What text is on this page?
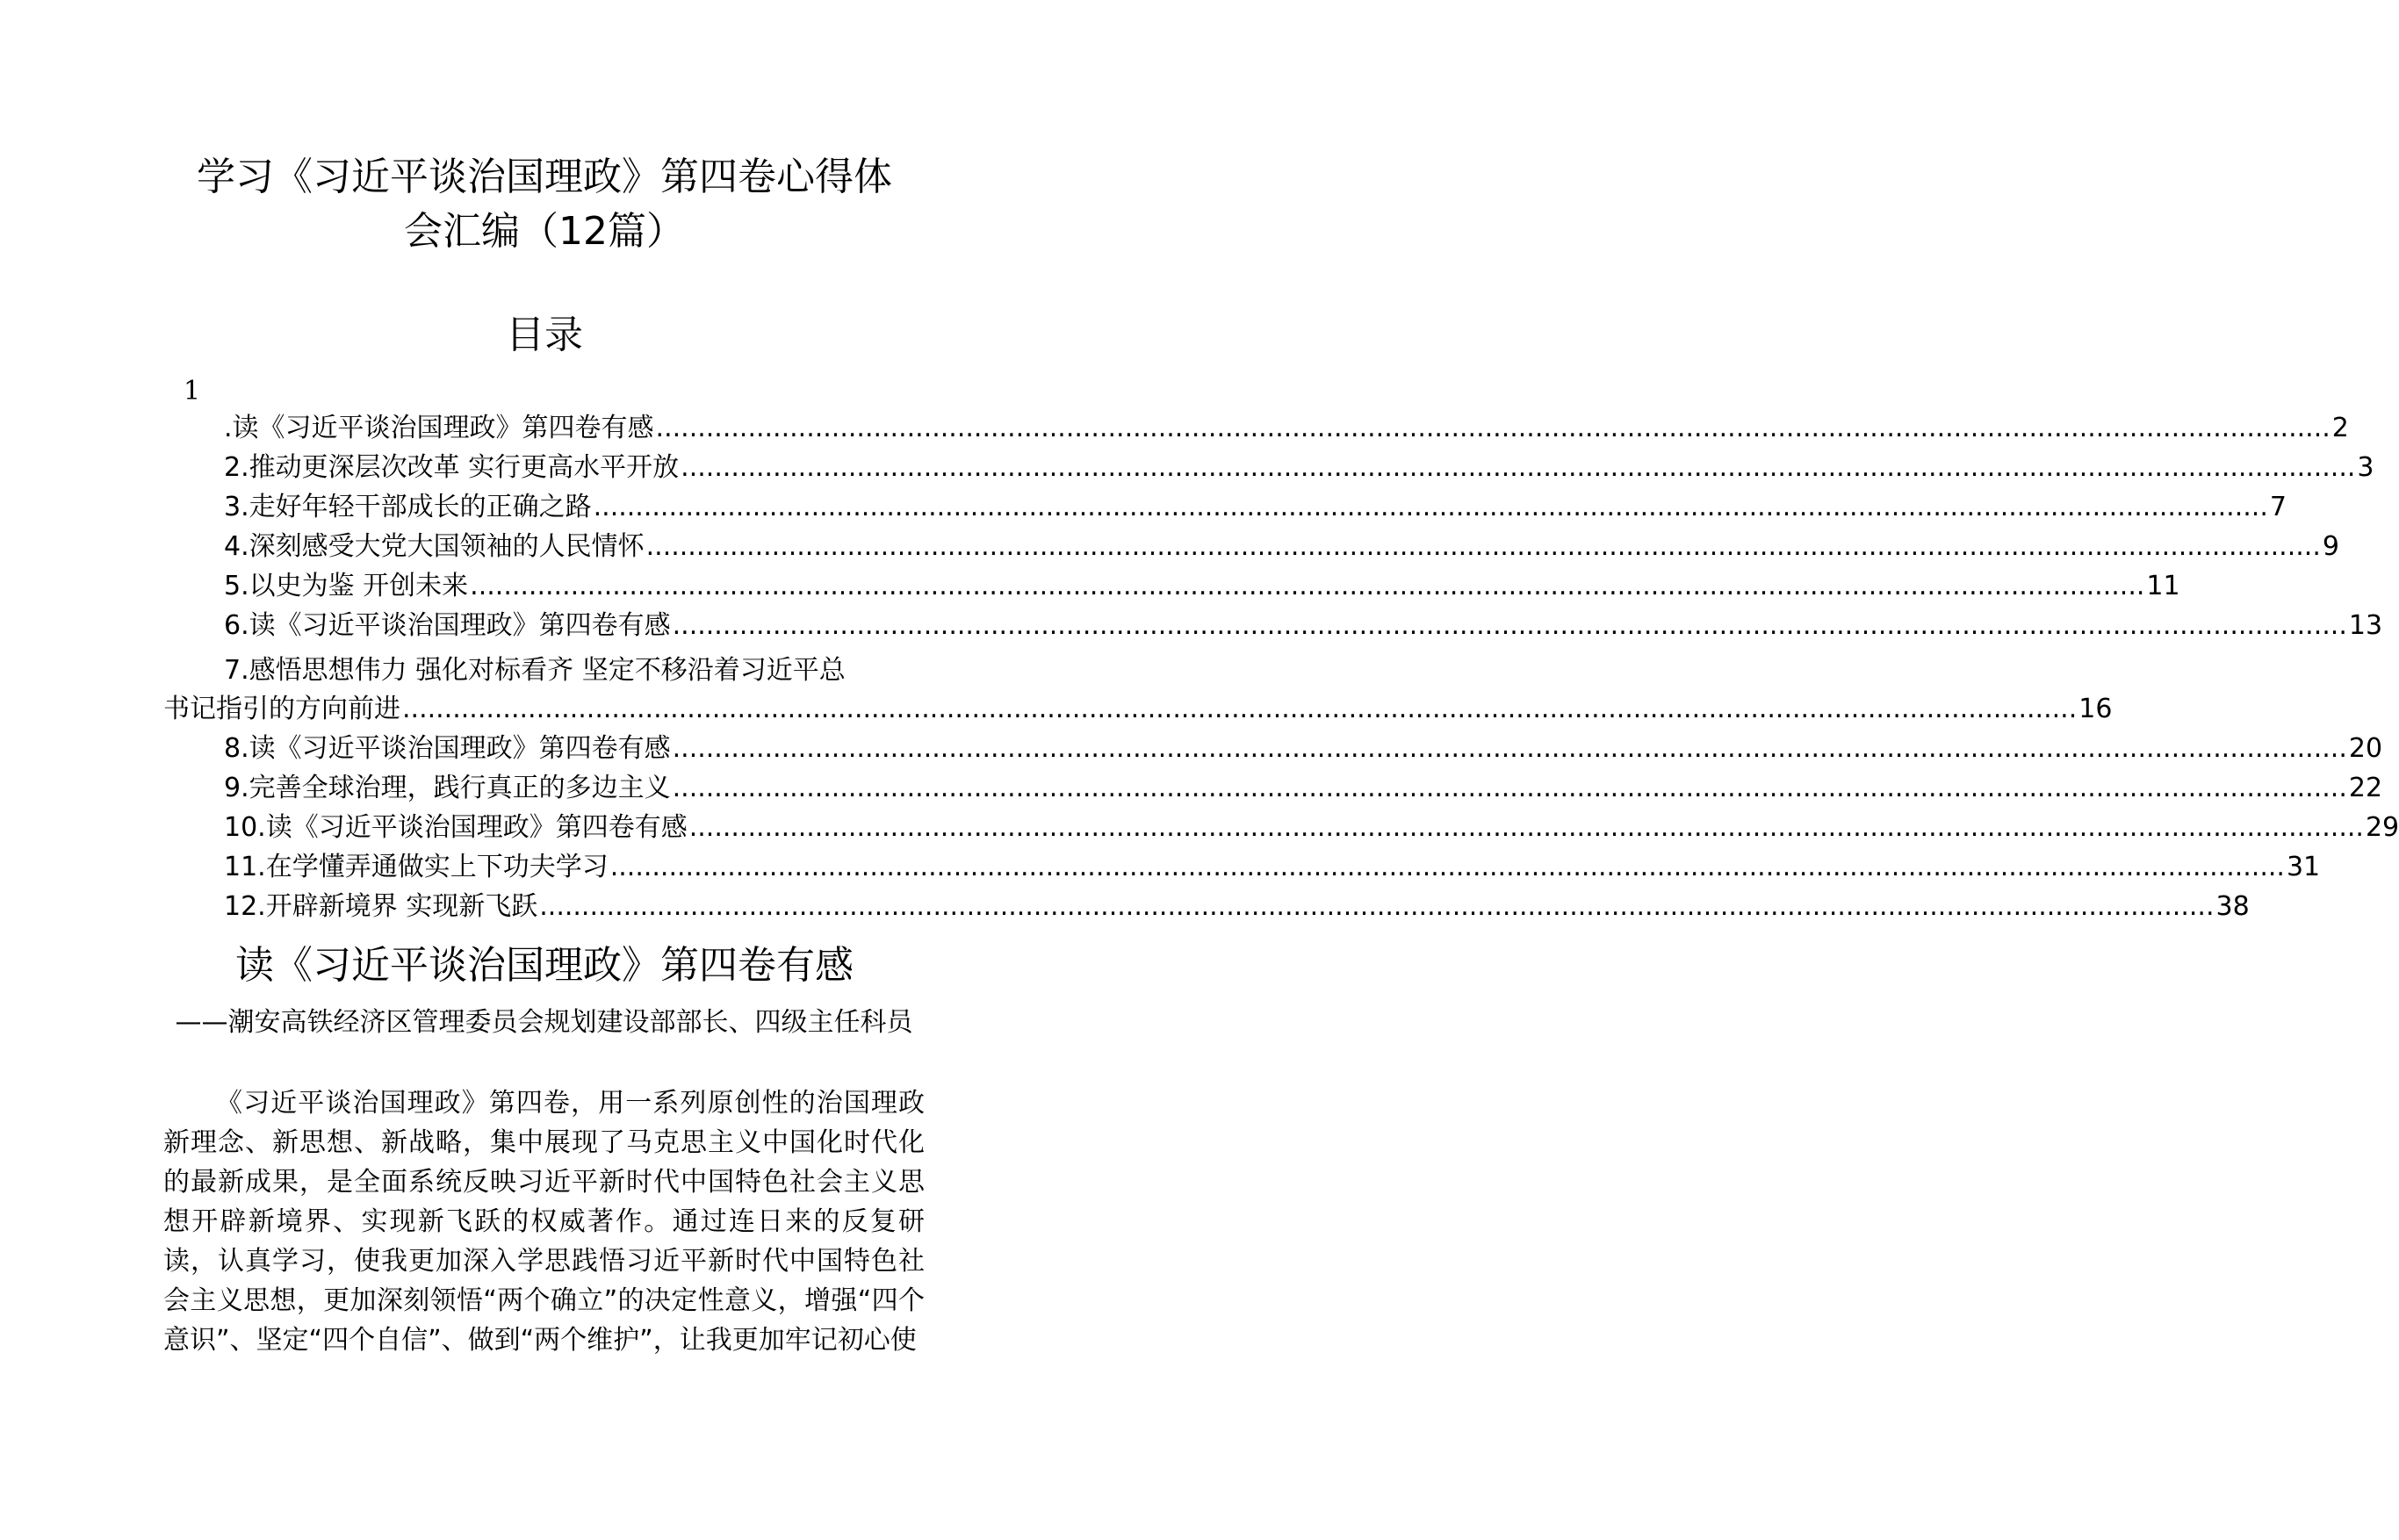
学习《习近平谈治国理政》第四卷心得体
会汇编（12篇）
目录
1
.读《习近平谈治国理政》第四卷有感 ........................................................................................................................................................................................................ 2
2.推动更深层次改革 实行更高水平开放 ........................................................................................................................................................................................................ 3
3.走好年轻干部成长的正确之路 ........................................................................................................................................................................................................ 7
4.深刻感受大党大国领袖的人民情怀 ........................................................................................................................................................................................................ 9
5.以史为鉴 开创未来 ........................................................................................................................................................................................................ 11
6.读《习近平谈治国理政》第四卷有感 ........................................................................................................................................................................................................ 13
7.感悟思想伟力 强化对标看齐 坚定不移沿着习近平总
书记指引的方向前进 ........................................................................................................................................................................................................ 16
8.读《习近平谈治国理政》第四卷有感 ........................................................................................................................................................................................................ 20
9.完善全球治理，践行真正的多边主义 ........................................................................................................................................................................................................ 22
10.读《习近平谈治国理政》第四卷有感 ........................................................................................................................................................................................................ 29
11.在学懂弄通做实上下功夫学习 ........................................................................................................................................................................................................ 31
12.开辟新境界 实现新飞跃 ........................................................................................................................................................................................................ 38
读《习近平谈治国理政》第四卷有感
——潮安高铁经济区管理委员会规划建设部部长、四级主任科员
《习近平谈治国理政》第四卷，用一系列原创性的治国理政新理念、新思想、新战略，集中展现了马克思主义中国化时代化的最新成果，是全面系统反映习近平新时代中国特色社会主义思想开辟新境界、实现新飞跃的权威著作。通过连日来的反复研读，认真学习，使我更加深入学思践悟习近平新时代中国特色社会主义思想，更加深刻领悟“两个确立”的决定性意义，增强“四个意识”、坚定“四个自信”、做到“两个维护”，让我更加牢记初心使
